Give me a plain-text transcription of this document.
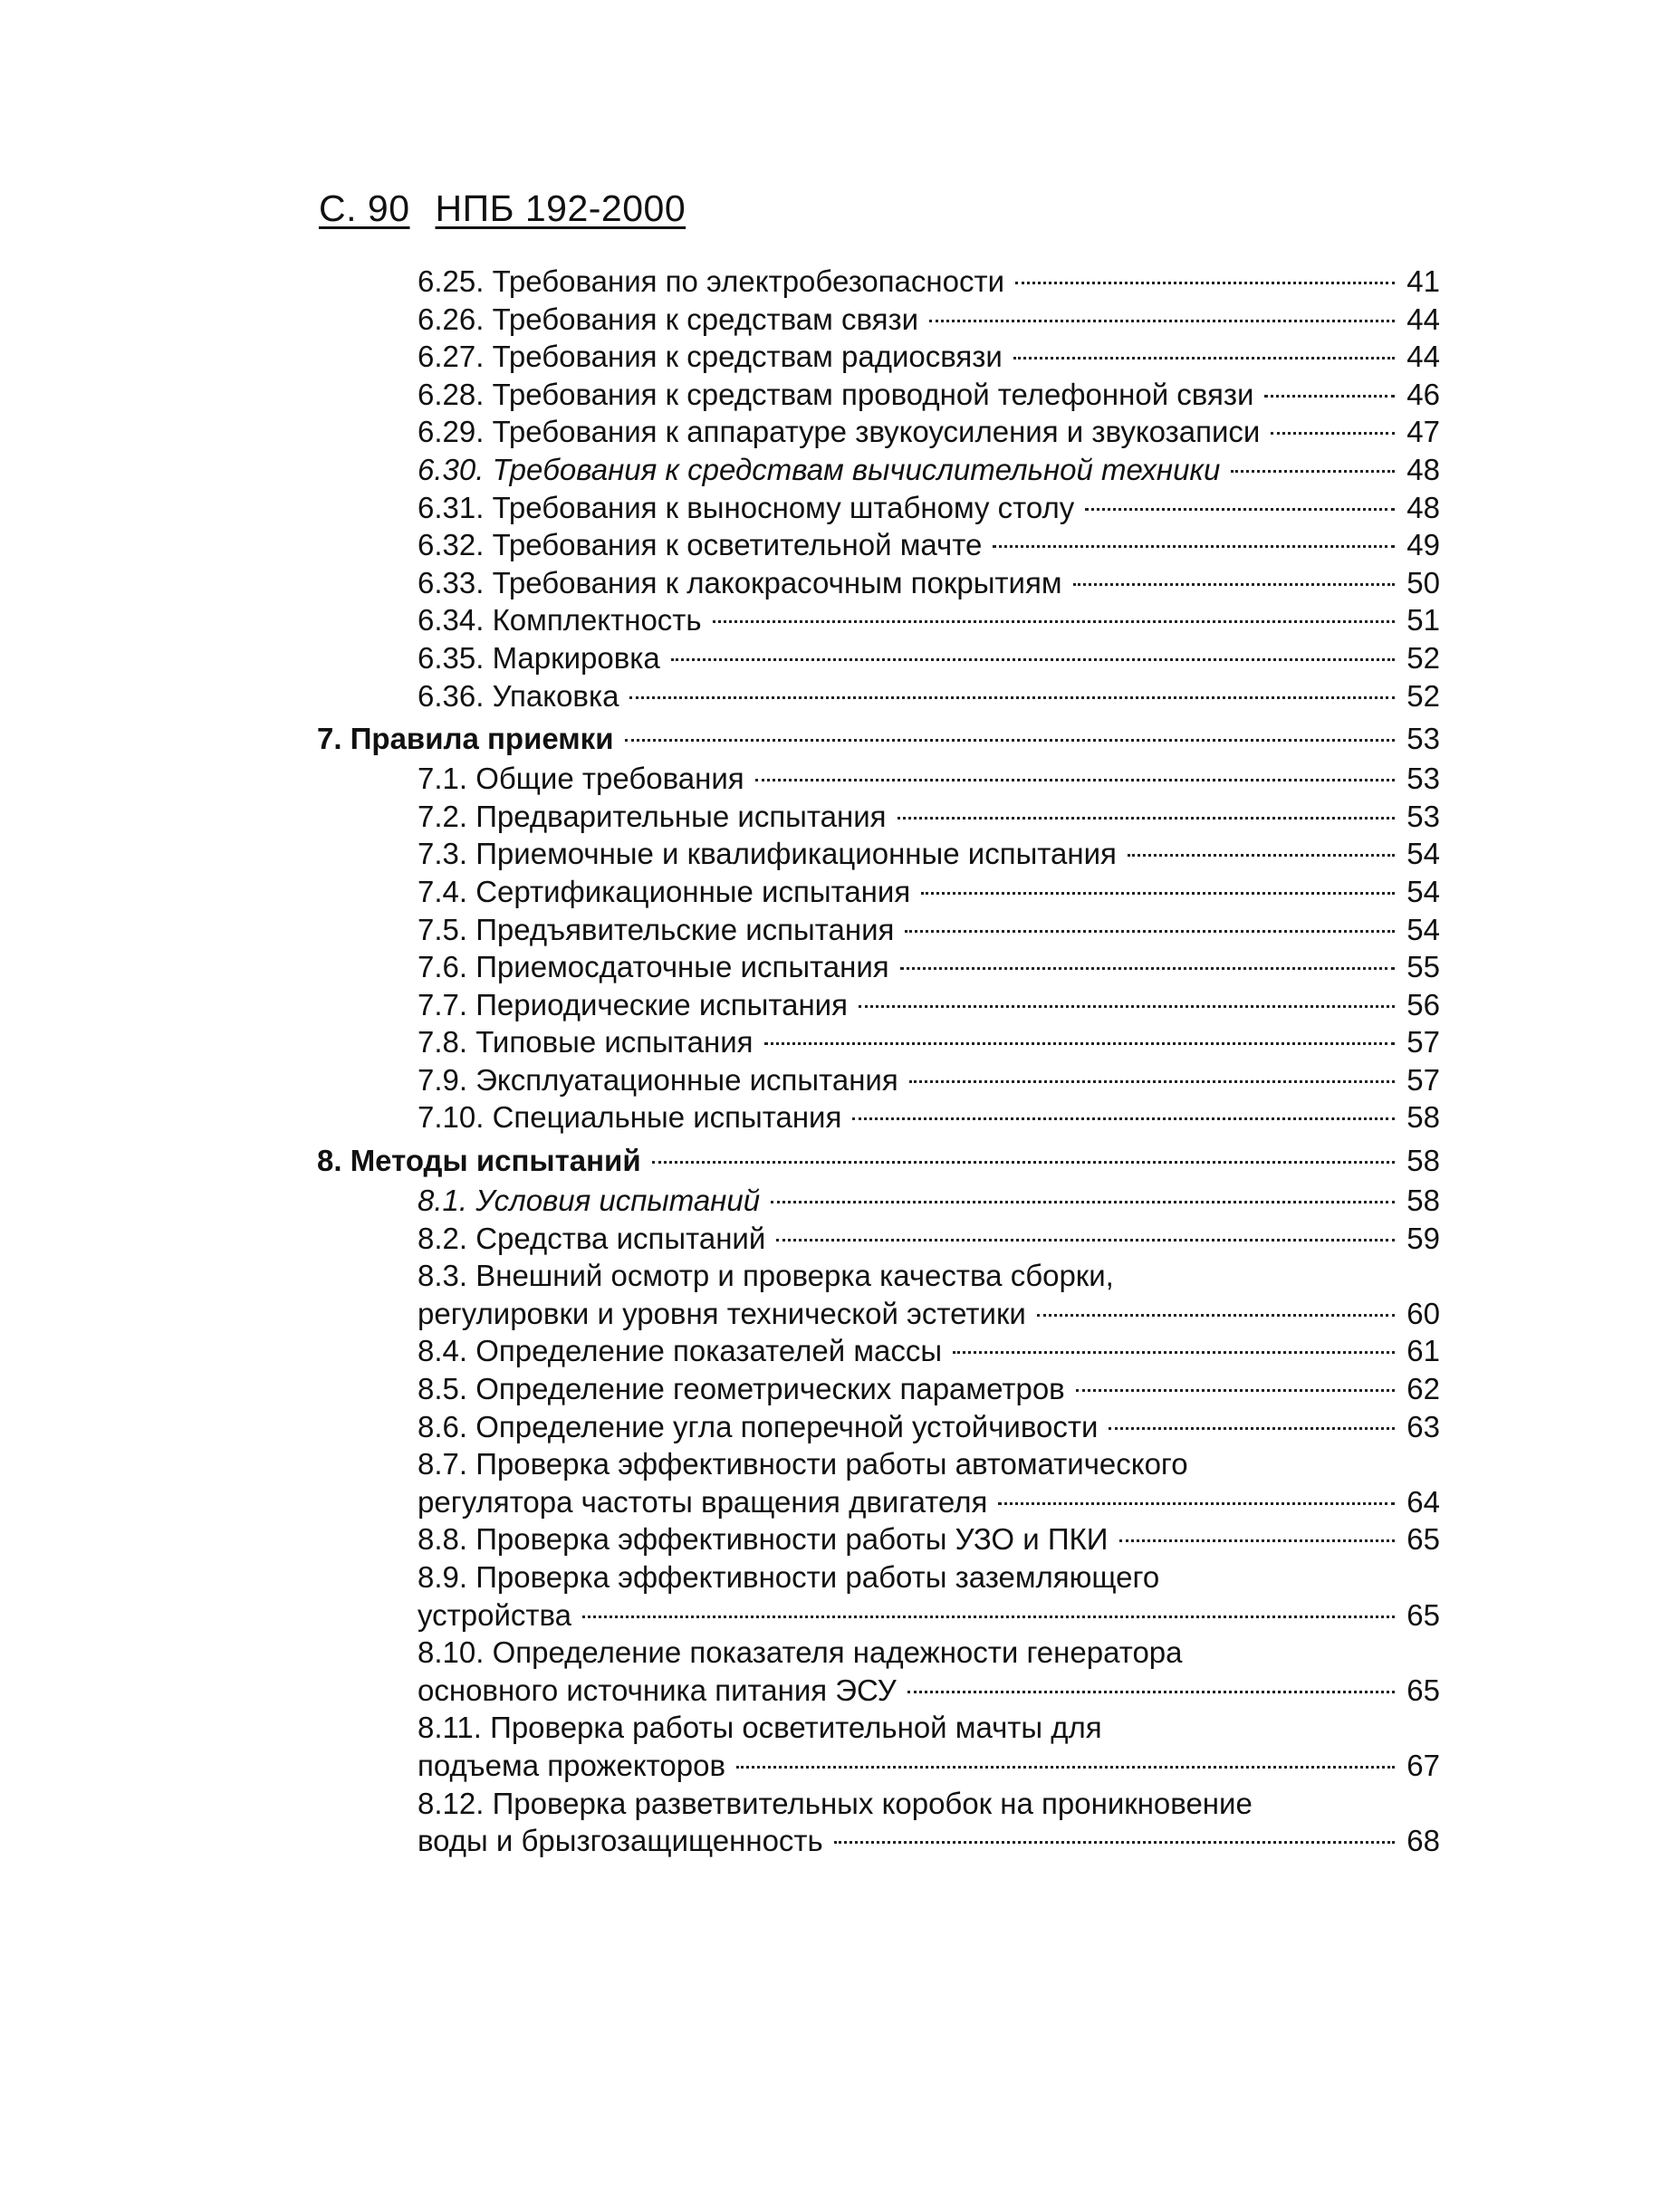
С. 90 НПБ 192-2000
6.25. Требования по электробезопасности	41
6.26. Требования к средствам связи	44
6.27. Требования к средствам радиосвязи	44
6.28. Требования к средствам проводной телефонной связи	46
6.29. Требования к аппаратуре звукоусиления и звукозаписи	47
6.30. Требования к средствам вычислительной техники	48
6.31. Требования к выносному штабному столу	48
6.32. Требования к осветительной мачте	49
6.33. Требования к лакокрасочным покрытиям	50
6.34. Комплектность	51
6.35. Маркировка	52
6.36. Упаковка	52
7. Правила приемки	53
7.1. Общие требования	53
7.2. Предварительные испытания	53
7.3. Приемочные и квалификационные испытания	54
7.4. Сертификационные испытания	54
7.5. Предъявительские испытания	54
7.6. Приемосдаточные испытания	55
7.7. Периодические испытания	56
7.8. Типовые испытания	57
7.9. Эксплуатационные испытания	57
7.10. Специальные испытания	58
8. Методы испытаний	58
8.1. Условия испытаний	58
8.2. Средства испытаний	59
8.3. Внешний осмотр и проверка качества сборки,
регулировки и уровня технической эстетики	60
8.4. Определение показателей массы	61
8.5. Определение геометрических параметров	62
8.6. Определение угла поперечной устойчивости	63
8.7. Проверка эффективности работы автоматического
регулятора частоты вращения двигателя	64
8.8. Проверка эффективности работы УЗО и ПКИ	65
8.9. Проверка эффективности работы заземляющего
устройства	65
8.10. Определение показателя надежности генератора
основного источника питания ЭСУ	65
8.11. Проверка работы осветительной мачты для
подъема прожекторов	67
8.12. Проверка разветвительных коробок на проникновение
воды и брызгозащищенность	68
